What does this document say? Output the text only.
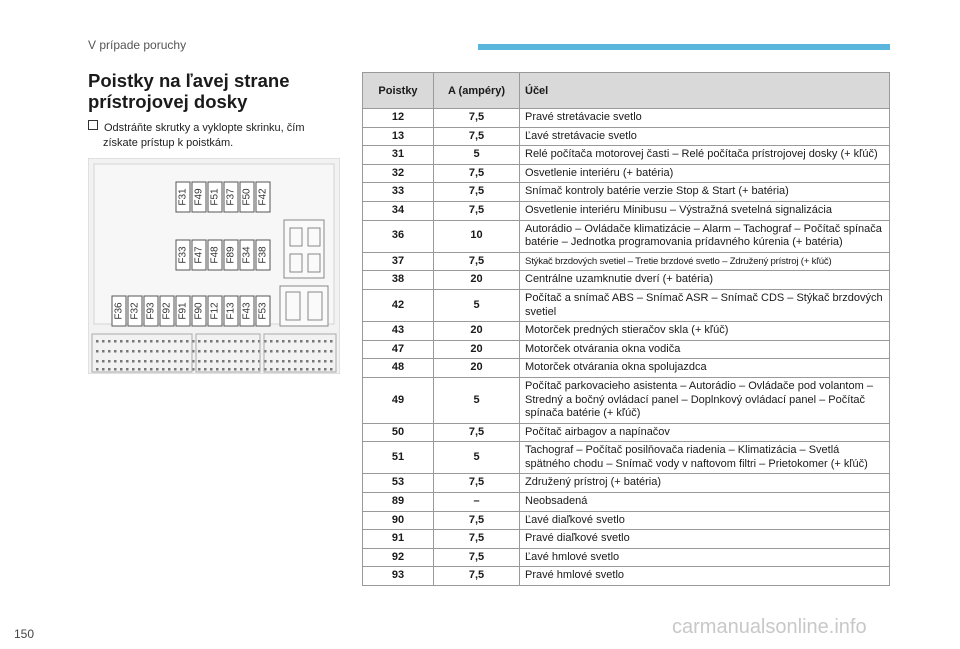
V prípade poruchy
Poistky na ľavej strane
prístrojovej dosky
Odstráňte skrutky a vyklopte skrinku, čím
získate prístup k poistkám.
F31 F49 F51 F37 F50 F42
F33 F47 F48 F89 F34 F38
F36 F32 F93 F92 F91 F90 F12 F13 F43 F53
Poistky	A (ampéry)	Účel
12	7,5	Pravé stretávacie svetlo
13	7,5	Ľavé stretávacie svetlo
31	5	Relé počítača motorovej časti – Relé počítača prístrojovej dosky (+ kľúč)
32	7,5	Osvetlenie interiéru (+ batéria)
33	7,5	Snímač kontroly batérie verzie Stop & Start (+ batéria)
34	7,5	Osvetlenie interiéru Minibusu – Výstražná svetelná signalizácia
36	10	Autorádio – Ovládače klimatizácie – Alarm – Tachograf – Počítač spínača batérie – Jednotka programovania prídavného kúrenia (+ batéria)
37	7,5	Stýkač brzdových svetiel – Tretie brzdové svetlo – Združený prístroj (+ kľúč)
38	20	Centrálne uzamknutie dverí (+ batéria)
42	5	Počítač a snímač ABS – Snímač ASR – Snímač CDS – Stýkač brzdových svetiel
43	20	Motorček predných stieračov skla (+ kľúč)
47	20	Motorček otvárania okna vodiča
48	20	Motorček otvárania okna spolujazdca
49	5	Počítač parkovacieho asistenta – Autorádio – Ovládače pod volantom – Stredný a bočný ovládací panel – Doplnkový ovládací panel – Počítač spínača batérie (+ kľúč)
50	7,5	Počítač airbagov a napínačov
51	5	Tachograf – Počítač posilňovača riadenia – Klimatizácia – Svetlá spätného chodu – Snímač vody v naftovom filtri – Prietokomer (+ kľúč)
53	7,5	Združený prístroj (+ batéria)
89	–	Neobsadená
90	7,5	Ľavé diaľkové svetlo
91	7,5	Pravé diaľkové svetlo
92	7,5	Ľavé hmlové svetlo
93	7,5	Pravé hmlové svetlo
150	carmanualsonline.info
